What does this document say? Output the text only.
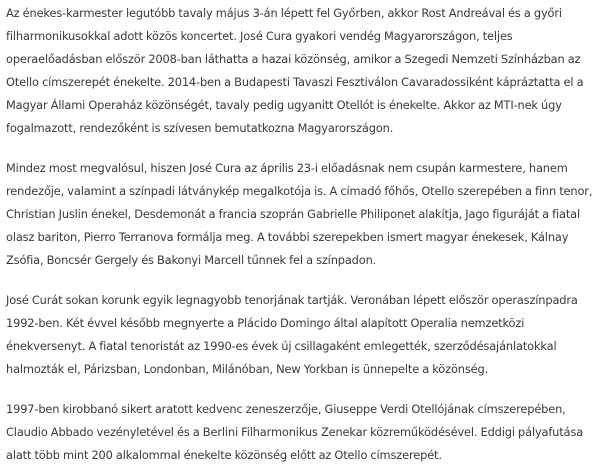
Az énekes-karmester legutóbb tavaly május 3-án lépett fel Győrben, akkor Rost Andreával és a győri filharmonikusokkal adott közös koncertet. José Cura gyakori vendég Magyarországon, teljes operaelőadásban először 2008-ban láthatta a hazai közönség, amikor a Szegedi Nemzeti Színházban az Otello címszerepét énekelte. 2014-ben a Budapesti Tavaszi Fesztiválon Cavaradossiként kápráztatta el a Magyar Állami Operaház közönségét, tavaly pedig ugyanitt Otellót is énekelte. Akkor az MTI-nek úgy fogalmazott, rendezőként is szívesen bemutatkozna Magyarországon.

Mindez most megvalósul, hiszen José Cura az április 23-i előadásnak nem csupán karmestere, hanem rendezője, valamint a színpadi látványkép megalkotója is. A címadó főhős, Otello szerepében a finn tenor, Christian Juslin énekel, Desdemonát a francia szoprán Gabrielle Philiponet alakítja, Jago figuráját a fiatal olasz bariton, Pierro Terranova formálja meg. A további szerepekben ismert magyar énekesek, Kálnay Zsófia, Boncsér Gergely és Bakonyi Marcell tűnnek fel a színpadon.

José Curát sokan korunk egyik legnagyobb tenorjának tartják. Veronában lépett először operaszínpadra 1992-ben. Két évvel később megnyerte a Plácido Domingo által alapított Operalia nemzetközi énekversenyt. A fiatal tenoristát az 1990-es évek új csillagaként emlegették, szerződésajánlatokkal halmozták el, Párizsban, Londonban, Milánóban, New Yorkban is ünnepelte a közönség.

1997-ben kirobbanó sikert aratott kedvenc zeneszerzője, Giuseppe Verdi Otellójának címszerepében, Claudio Abbado vezényletével és a Berlini Filharmonikus Zenekar közreműködésével. Eddigi pályafutása alatt több mint 200 alkalommal énekelte közönség előtt az Otello címszerepét.
